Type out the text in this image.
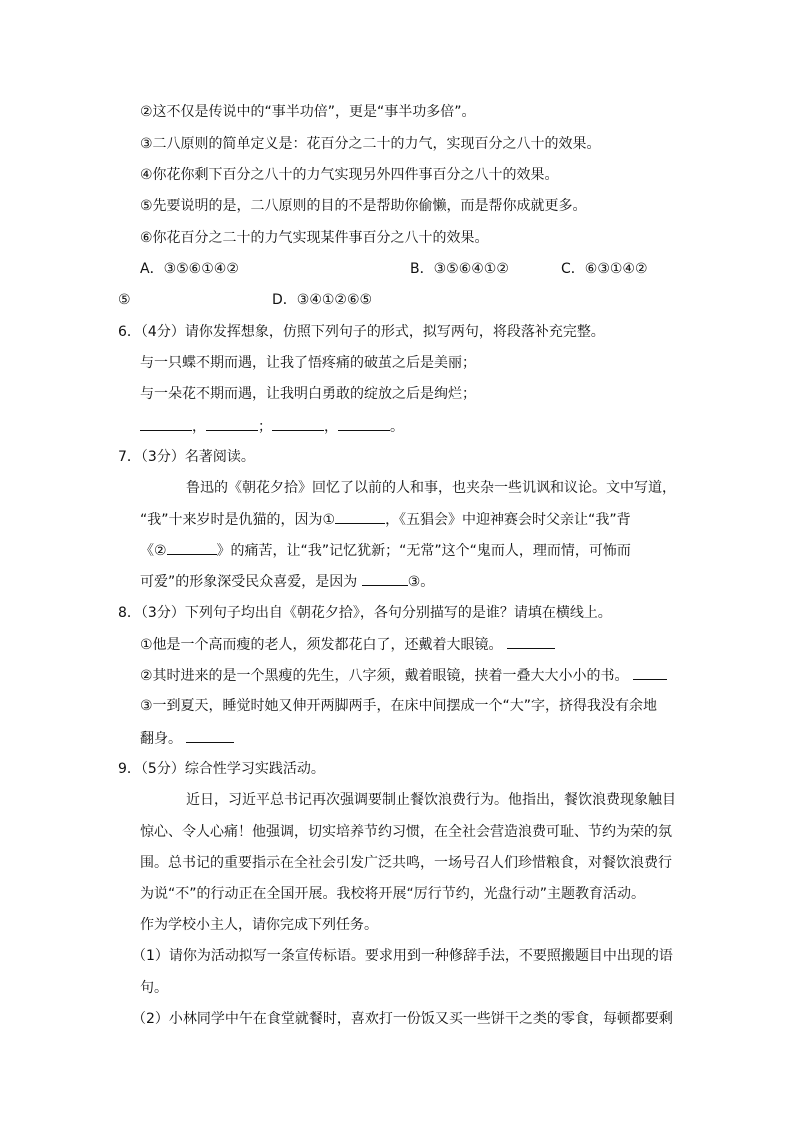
②这不仅是传说中的“事半功倍”，更是“事半功多倍”。
③二八原则的简单定义是：花百分之二十的力气，实现百分之八十的效果。
④你花你剩下百分之八十的力气实现另外四件事百分之八十的效果。
⑤先要说明的是，二八原则的目的不是帮助你偷懒，而是帮你成就更多。
⑥你花百分之二十的力气实现某件事百分之八十的效果。
A．③⑤⑥①④②	B．③⑤⑥④①②	C．⑥③①④②
⑤	D．③④①②⑥⑤
6．（4分）请你发挥想象，仿照下列句子的形式，拟写两句，将段落补充完整。
与一只蝶不期而遇，让我了悟疼痛的破茧之后是美丽；
与一朵花不期而遇，让我明白勇敢的绽放之后是绚烂；
，	；	，	。
7．（3分）名著阅读。
鲁迅的《朝花夕拾》回忆了以前的人和事，也夹杂一些讥讽和议论。文中写道，
“我”十来岁时是仇猫的，因为①	，《五猖会》中迎神赛会时父亲让“我”背
《②	》的痛苦，让“我”记忆犹新；“无常”这个“鬼而人，理而情，可怖而
可爱”的形象深受民众喜爱，是因为	③。
8．（3分）下列句子均出自《朝花夕拾》，各句分别描写的是谁？请填在横线上。
①他是一个高而瘦的老人，须发都花白了，还戴着大眼镜。
②其时进来的是一个黑瘦的先生，八字须，戴着眼镜，挟着一叠大大小小的书。
③一到夏天，睡觉时她又伸开两脚两手，在床中间摆成一个“大”字，挤得我没有余地
翻身。
9．（5分）综合性学习实践活动。
近日，习近平总书记再次强调要制止餐饮浪费行为。他指出，餐饮浪费现象触目
惊心、令人心痛！他强调，切实培养节约习惯，在全社会营造浪费可耻、节约为荣的氛
围。总书记的重要指示在全社会引发广泛共鸣，一场号召人们珍惜粮食，对餐饮浪费行
为说“不”的行动正在全国开展。我校将开展“厉行节约，光盘行动”主题教育活动。
作为学校小主人，请你完成下列任务。
（1）请你为活动拟写一条宣传标语。要求用到一种修辞手法，不要照搬题目中出现的语
句。
（2）小林同学中午在食堂就餐时，喜欢打一份饭又买一些饼干之类的零食，每顿都要剩
